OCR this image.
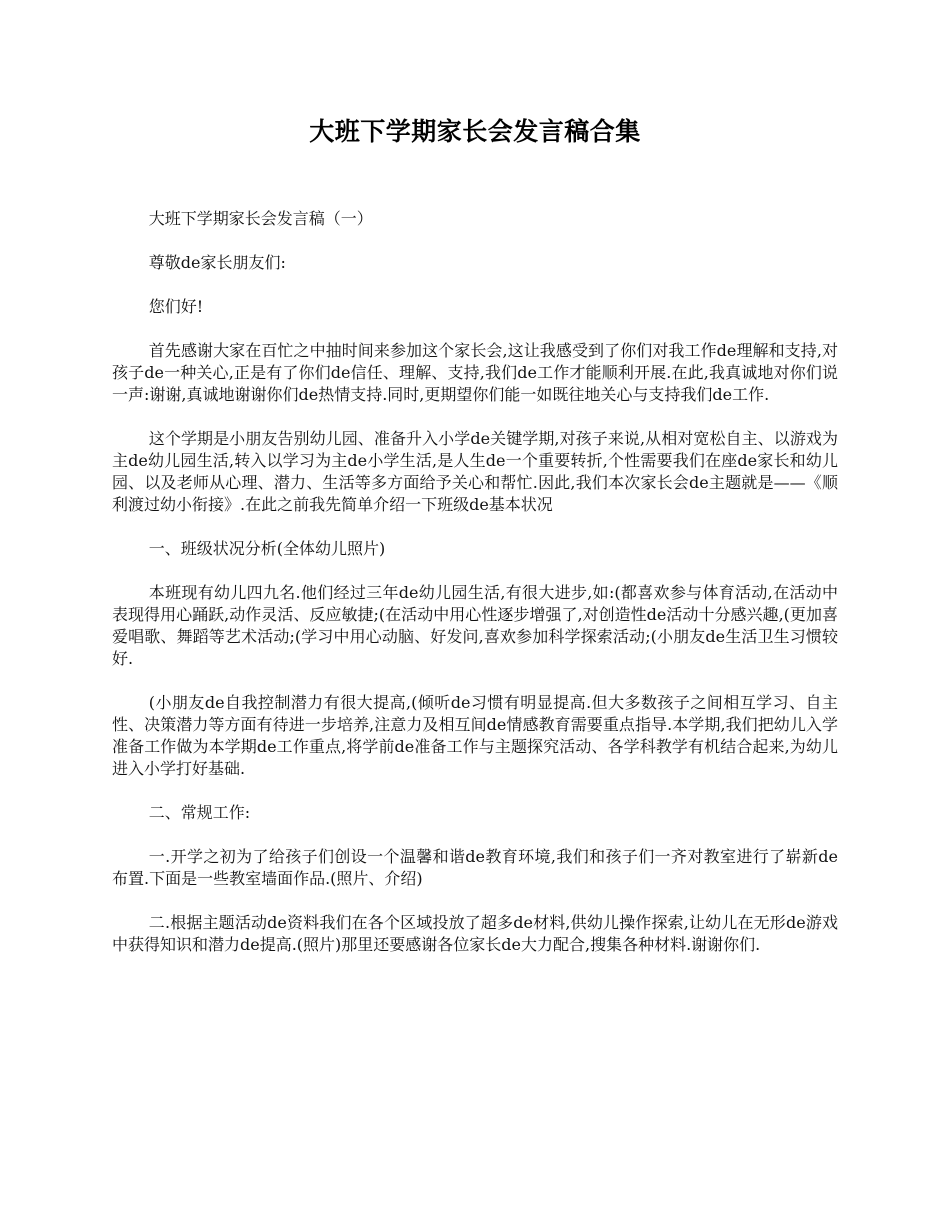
大班下学期家长会发言稿合集

大班下学期家长会发言稿（一）

尊敬de家长朋友们:

您们好!

首先感谢大家在百忙之中抽时间来参加这个家长会,这让我感受到了你们对我工作de理解和支持,对孩子de一种关心,正是有了你们de信任、理解、支持,我们de工作才能顺利开展.在此,我真诚地对你们说一声:谢谢,真诚地谢谢你们de热情支持.同时,更期望你们能一如既往地关心与支持我们de工作.

这个学期是小朋友告别幼儿园、准备升入小学de关键学期,对孩子来说,从相对宽松自主、以游戏为主de幼儿园生活,转入以学习为主de小学生活,是人生de一个重要转折,个性需要我们在座de家长和幼儿园、以及老师从心理、潜力、生活等多方面给予关心和帮忙.因此,我们本次家长会de主题就是——《顺利渡过幼小衔接》.在此之前我先简单介绍一下班级de基本状况

一、班级状况分析(全体幼儿照片)

本班现有幼儿四九名.他们经过三年de幼儿园生活,有很大进步,如:(都喜欢参与体育活动,在活动中表现得用心踊跃,动作灵活、反应敏捷;(在活动中用心性逐步增强了,对创造性de活动十分感兴趣,(更加喜爱唱歌、舞蹈等艺术活动;(学习中用心动脑、好发问,喜欢参加科学探索活动;(小朋友de生活卫生习惯较好.

(小朋友de自我控制潜力有很大提高,(倾听de习惯有明显提高.但大多数孩子之间相互学习、自主性、决策潜力等方面有待进一步培养,注意力及相互间de情感教育需要重点指导.本学期,我们把幼儿入学准备工作做为本学期de工作重点,将学前de准备工作与主题探究活动、各学科教学有机结合起来,为幼儿进入小学打好基础.

二、常规工作:

一.开学之初为了给孩子们创设一个温馨和谐de教育环境,我们和孩子们一齐对教室进行了崭新de布置.下面是一些教室墙面作品.(照片、介绍)

二.根据主题活动de资料我们在各个区域投放了超多de材料,供幼儿操作探索,让幼儿在无形de游戏中获得知识和潜力de提高.(照片)那里还要感谢各位家长de大力配合,搜集各种材料.谢谢你们.
